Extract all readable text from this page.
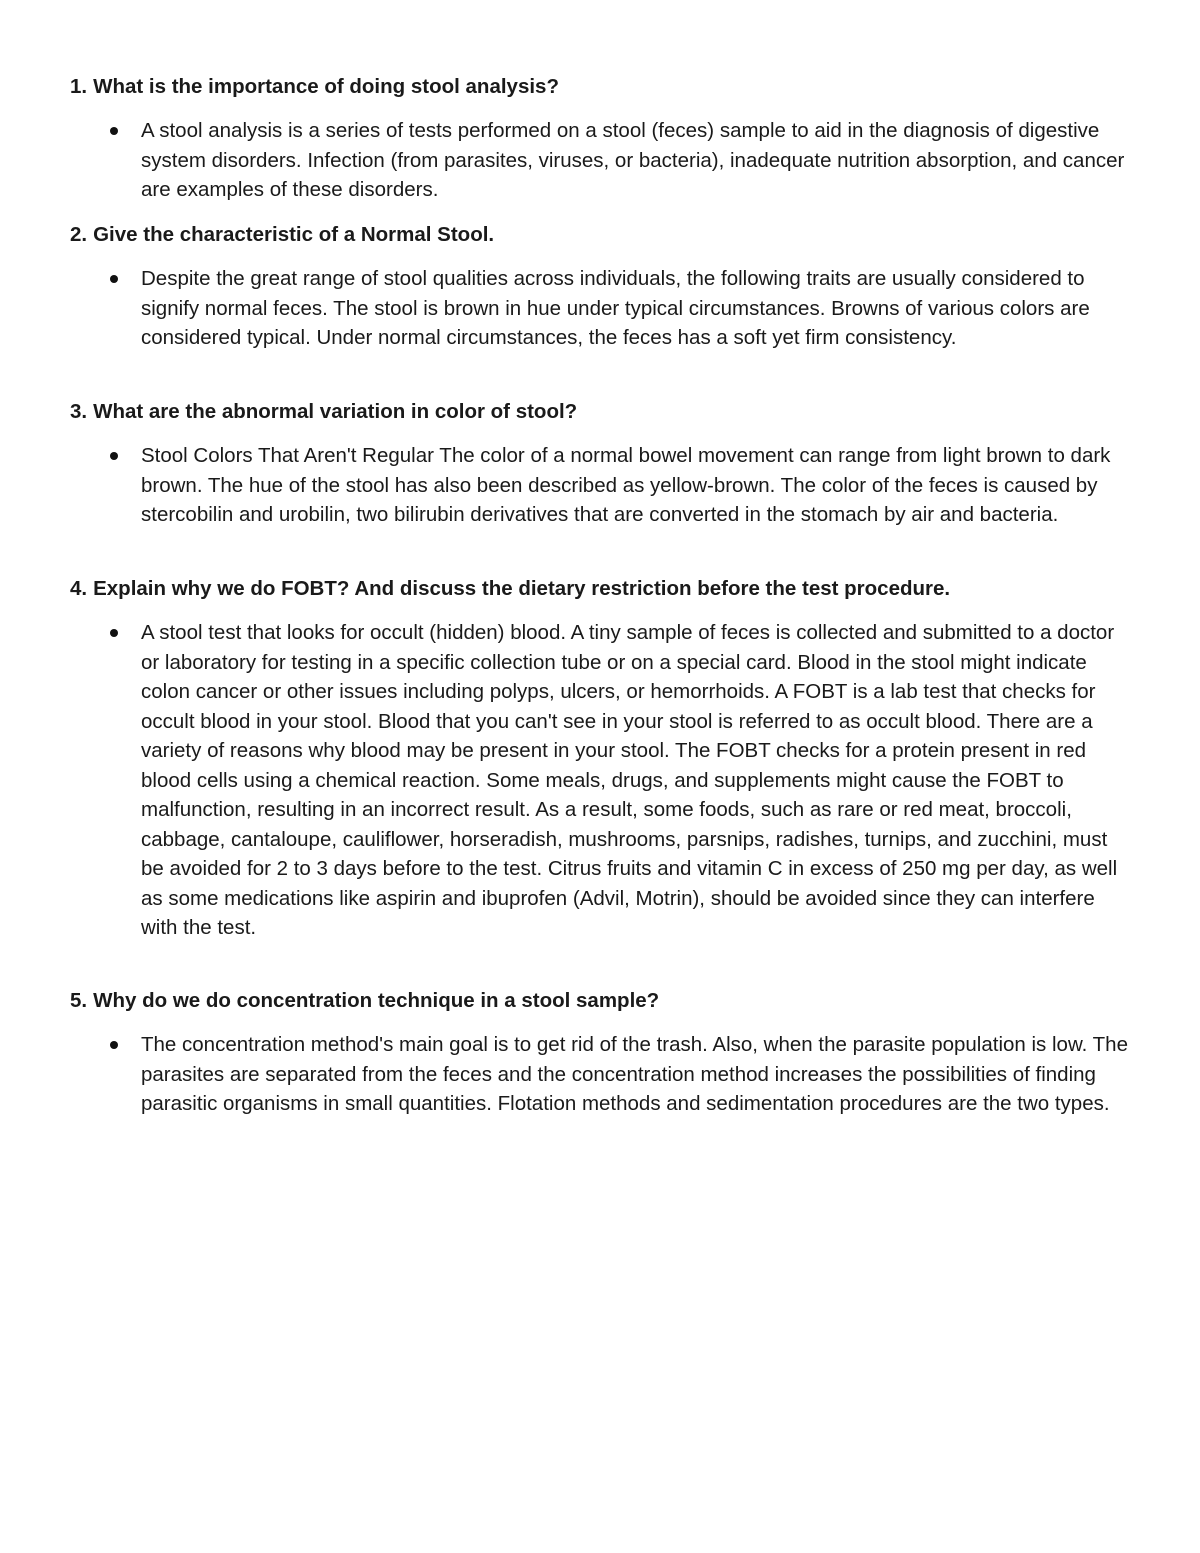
1. What is the importance of doing stool analysis?

A stool analysis is a series of tests performed on a stool (feces) sample to aid in the diagnosis of digestive system disorders. Infection (from parasites, viruses, or bacteria), inadequate nutrition absorption, and cancer are examples of these disorders.

2. Give the characteristic of a Normal Stool.

Despite the great range of stool qualities across individuals, the following traits are usually considered to signify normal feces. The stool is brown in hue under typical circumstances. Browns of various colors are considered typical. Under normal circumstances, the feces has a soft yet firm consistency.

3. What are the abnormal variation in color of stool?

Stool Colors That Aren't Regular The color of a normal bowel movement can range from light brown to dark brown. The hue of the stool has also been described as yellow-brown. The color of the feces is caused by stercobilin and urobilin, two bilirubin derivatives that are converted in the stomach by air and bacteria.

4. Explain why we do FOBT? And discuss the dietary restriction before the test procedure.

A stool test that looks for occult (hidden) blood. A tiny sample of feces is collected and submitted to a doctor or laboratory for testing in a specific collection tube or on a special card. Blood in the stool might indicate colon cancer or other issues including polyps, ulcers, or hemorrhoids. A FOBT is a lab test that checks for occult blood in your stool. Blood that you can't see in your stool is referred to as occult blood. There are a variety of reasons why blood may be present in your stool. The FOBT checks for a protein present in red blood cells using a chemical reaction. Some meals, drugs, and supplements might cause the FOBT to malfunction, resulting in an incorrect result. As a result, some foods, such as rare or red meat, broccoli, cabbage, cantaloupe, cauliflower, horseradish, mushrooms, parsnips, radishes, turnips, and zucchini, must be avoided for 2 to 3 days before to the test. Citrus fruits and vitamin C in excess of 250 mg per day, as well as some medications like aspirin and ibuprofen (Advil, Motrin), should be avoided since they can interfere with the test.

5. Why do we do concentration technique in a stool sample?

The concentration method's main goal is to get rid of the trash. Also, when the parasite population is low. The parasites are separated from the feces and the concentration method increases the possibilities of finding parasitic organisms in small quantities. Flotation methods and sedimentation procedures are the two types.
